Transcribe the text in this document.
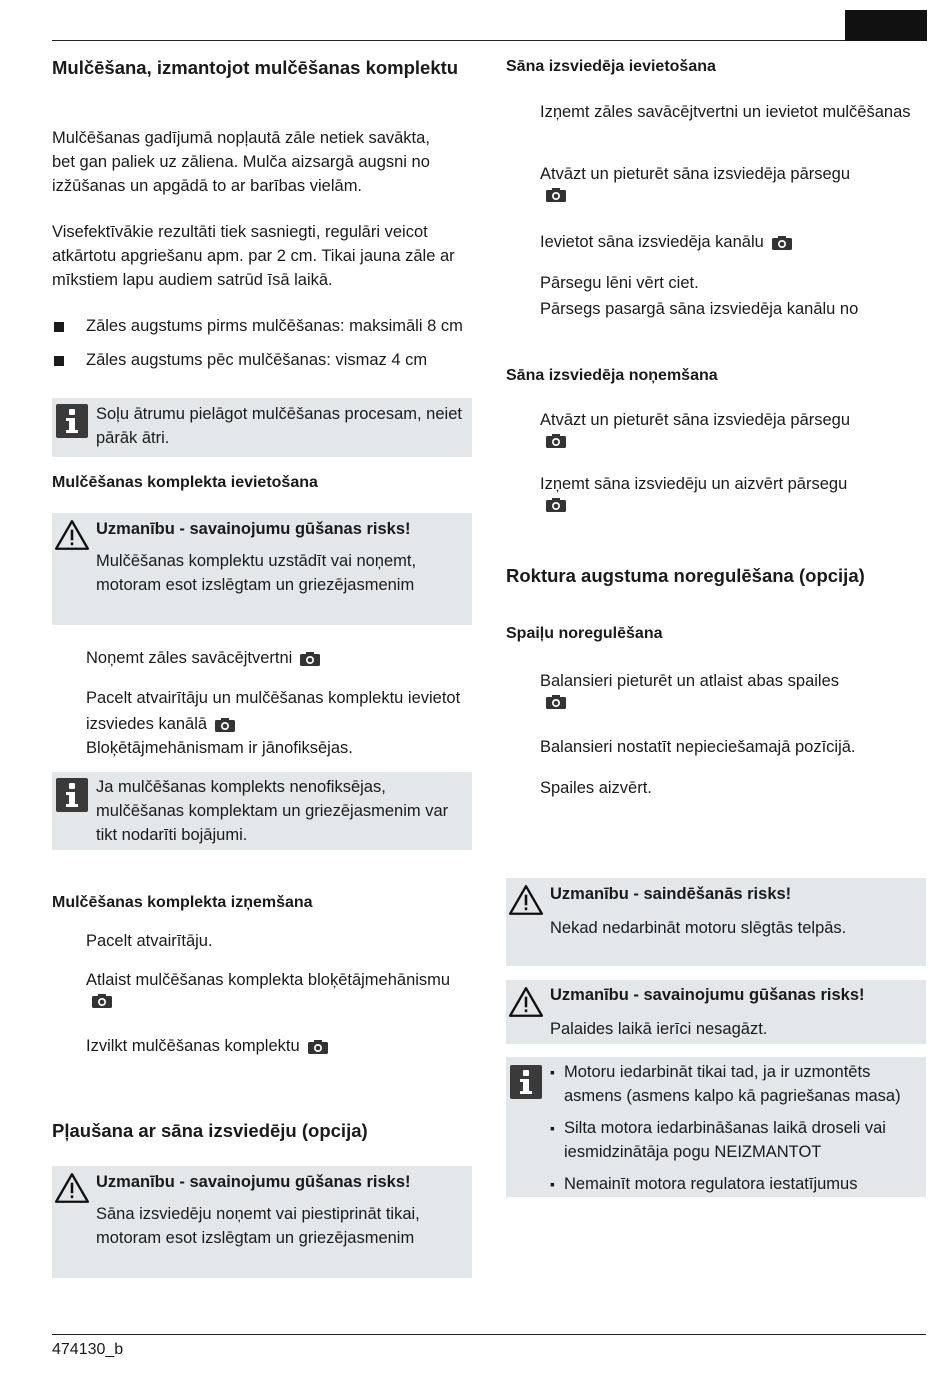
Mulčēšana, izmantojot mulčēšanas komplektu
Mulčēšanas gadījumā nopļautā zāle netiek savākta, bet gan paliek uz zāliena. Mulča aizsargā augsni no izžūšanas un apgādā to ar barības vielām.
Visefektīvākie rezultāti tiek sasniegti, regulāri veicot atkārtotu apgriešanu apm. par 2 cm. Tikai jauna zāle ar mīkstiem lapu audiem satrūd īsā laikā.
Zāles augstums pirms mulčēšanas: maksimāli 8 cm
Zāles augstums pēc mulčēšanas: vismaz 4 cm
Soļu ātrumu pielāgot mulčēšanas procesam, neiet pārāk ātri.
Mulčēšanas komplekta ievietošana
Uzmanību - savainojumu gūšanas risks!
Mulčēšanas komplektu uzstādīt vai noņemt, motoram esot izslēgtam un griezējasmenim
Noņemt zāles savācējtvertni
Pacelt atvairītāju un mulčēšanas komplektu ievietot izsviedes kanālā
Bloķētājmehānismam ir jānofiksējas.
Ja mulčēšanas komplekts nenofiksējas, mulčēšanas komplektam un griezējasmenim var tikt nodarīti bojājumi.
Mulčēšanas komplekta izņemšana
Pacelt atvairītāju.
Atlaist mulčēšanas komplekta bloķētājmehānismu
Izvilkt mulčēšanas komplektu
Pļaušana ar sāna izsviedēju (opcija)
Uzmanību - savainojumu gūšanas risks!
Sāna izsviedēju noņemt vai piestiprināt tikai, motoram esot izslēgtam un griezējasmenim
Sāna izsviedēja ievietošana
Izņemt zāles savācējtvertni un ievietot mulčēšanas
Atvāzt un pieturēt sāna izsviedēja pārsegu
Ievietot sāna izsviedēja kanālu
Pārsegu lēni vērt ciet.
Pārsegs pasargā sāna izsviedēja kanālu no
Sāna izsviedēja noņemšana
Atvāzt un pieturēt sāna izsviedēja pārsegu
Izņemt sāna izsviedēju un aizvērt pārsegu
Roktura augstuma noregulēšana (opcija)
Spaiļu noregulēšana
Balansieri pieturēt un atlaist abas spailes
Balansieri nostatīt nepieciešamajā pozīcijā.
Spailes aizvērt.
Uzmanību - saindēšanās risks!
Nekad nedarbināt motoru slēgtās telpās.
Uzmanību - savainojumu gūšanas risks!
Palaides laikā ierīci nesagāzt.
▪ Motoru iedarbināt tikai tad, ja ir uzmontēts asmens (asmens kalpo kā pagriešanas masa)
▪ Silta motora iedarbināšanas laikā droseli vai iesmidzinātāja pogu NEIZMANTOT
▪ Nemainīt motora regulatora iestatījumus
474130_b
